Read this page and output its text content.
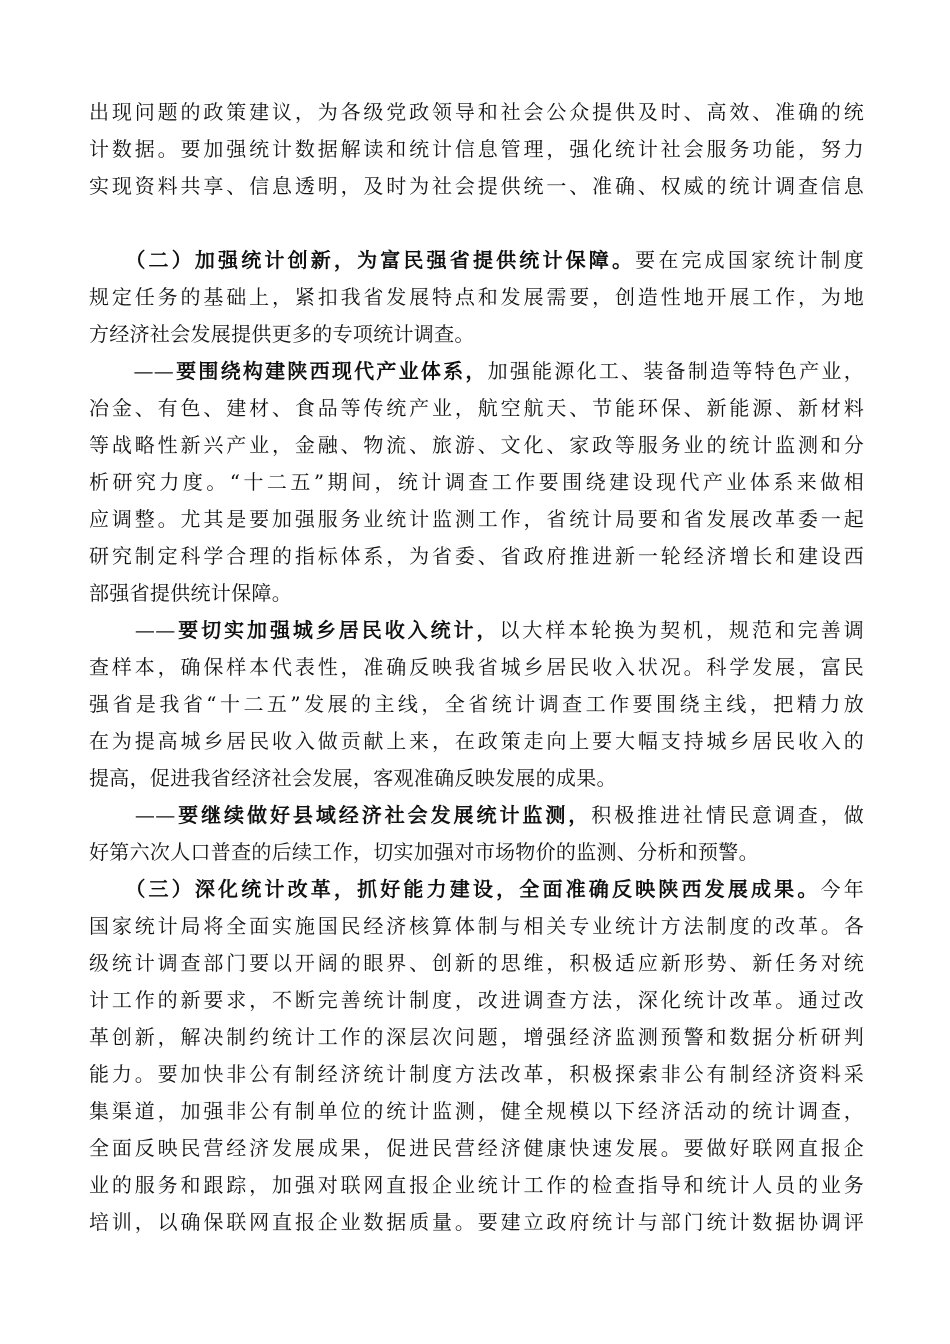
出现问题的政策建议，为各级党政领导和社会公众提供及时、高效、准确的统
计数据。要加强统计数据解读和统计信息管理，强化统计社会服务功能，努力
实现资料共享、信息透明，及时为社会提供统一、准确、权威的统计调查信息
　　（二）加强统计创新，为富民强省提供统计保障。要在完成国家统计制度
规定任务的基础上，紧扣我省发展特点和发展需要，创造性地开展工作，为地
方经济社会发展提供更多的专项统计调查。
　　——要围绕构建陕西现代产业体系，加强能源化工、装备制造等特色产业，
冶金、有色、建材、食品等传统产业，航空航天、节能环保、新能源、新材料
等战略性新兴产业，金融、物流、旅游、文化、家政等服务业的统计监测和分
析研究力度。“十二五”期间，统计调查工作要围绕建设现代产业体系来做相
应调整。尤其是要加强服务业统计监测工作，省统计局要和省发展改革委一起
研究制定科学合理的指标体系，为省委、省政府推进新一轮经济增长和建设西
部强省提供统计保障。
　　——要切实加强城乡居民收入统计，以大样本轮换为契机，规范和完善调
查样本，确保样本代表性，准确反映我省城乡居民收入状况。科学发展，富民
强省是我省“十二五”发展的主线，全省统计调查工作要围绕主线，把精力放
在为提高城乡居民收入做贡献上来，在政策走向上要大幅支持城乡居民收入的
提高，促进我省经济社会发展，客观准确反映发展的成果。
　　——要继续做好县域经济社会发展统计监测，积极推进社情民意调查，做
好第六次人口普查的后续工作，切实加强对市场物价的监测、分析和预警。
　　（三）深化统计改革，抓好能力建设，全面准确反映陕西发展成果。今年
国家统计局将全面实施国民经济核算体制与相关专业统计方法制度的改革。各
级统计调查部门要以开阔的眼界、创新的思维，积极适应新形势、新任务对统
计工作的新要求，不断完善统计制度，改进调查方法，深化统计改革。通过改
革创新，解决制约统计工作的深层次问题，增强经济监测预警和数据分析研判
能力。要加快非公有制经济统计制度方法改革，积极探索非公有制经济资料采
集渠道，加强非公有制单位的统计监测，健全规模以下经济活动的统计调查，
全面反映民营经济发展成果，促进民营经济健康快速发展。要做好联网直报企
业的服务和跟踪，加强对联网直报企业统计工作的检查指导和统计人员的业务
培训，以确保联网直报企业数据质量。要建立政府统计与部门统计数据协调评
